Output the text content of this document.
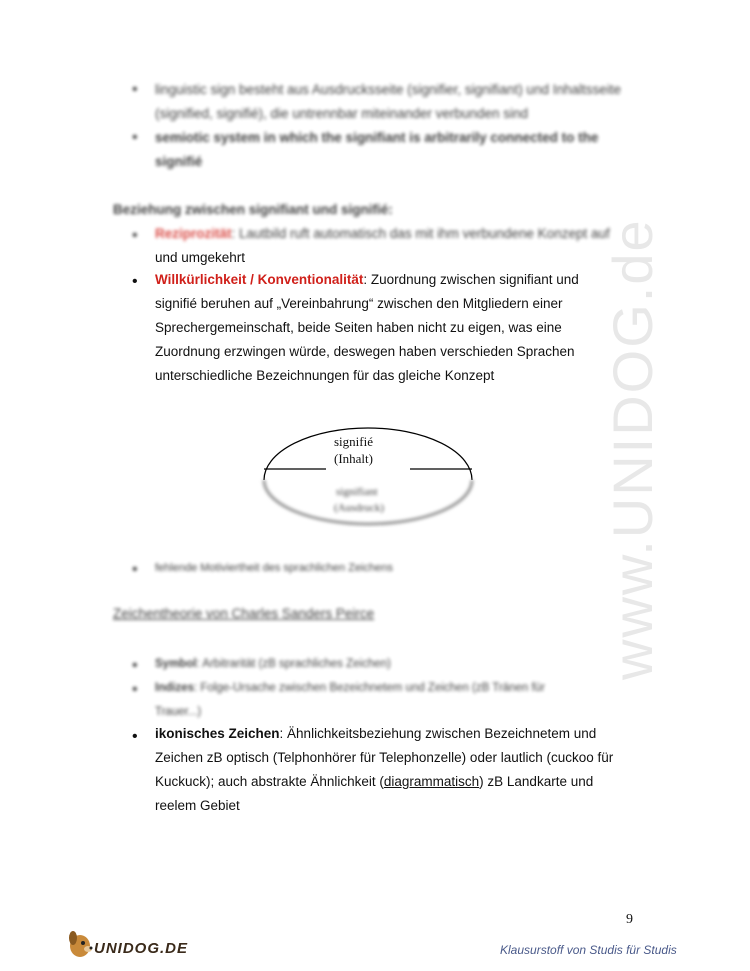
www.UNIDOG.de
• linguistic sign besteht aus Ausdrucksseite (signifier, signifiant) und Inhaltsseite
(signified, signifié), die untrennbar miteinander verbunden sind
• semiotic system in which the signifiant is arbitrarily connected to the
signifié
Beziehung zwischen signifiant und signifié:
• Reziprozität: Lautbild ruft automatisch das mit ihm verbundene Konzept auf
und umgekehrt
• Willkürlichkeit / Konventionalität: Zuordnung zwischen signifiant und
signifié beruhen auf „Vereinbahrung“ zwischen den Mitgliedern einer
Sprechergemeinschaft, beide Seiten haben nicht zu eigen, was eine
Zuordnung erzwingen würde, deswegen haben verschieden Sprachen
unterschiedliche Bezeichnungen für das gleiche Konzept
signifié
(Inhalt)
signifiant
(Ausdruck)
• fehlende Motiviertheit des sprachlichen Zeichens
Zeichentheorie von Charles Sanders Peirce
• Symbol: Arbitrarität (zB sprachliches Zeichen)
• Indizes: Folge-Ursache zwischen Bezeichnetem und Zeichen (zB Tränen für
Trauer...)
• ikonisches Zeichen: Ähnlichkeitsbeziehung zwischen Bezeichnetem und
Zeichen zB optisch (Telphonhörer für Telephonzelle) oder lautlich (cuckoo für
Kuckuck); auch abstrakte Ähnlichkeit (diagrammatisch) zB Landkarte und
reelem Gebiet
9
UNIDOG.DE	Klausurstoff von Studis für Studis
